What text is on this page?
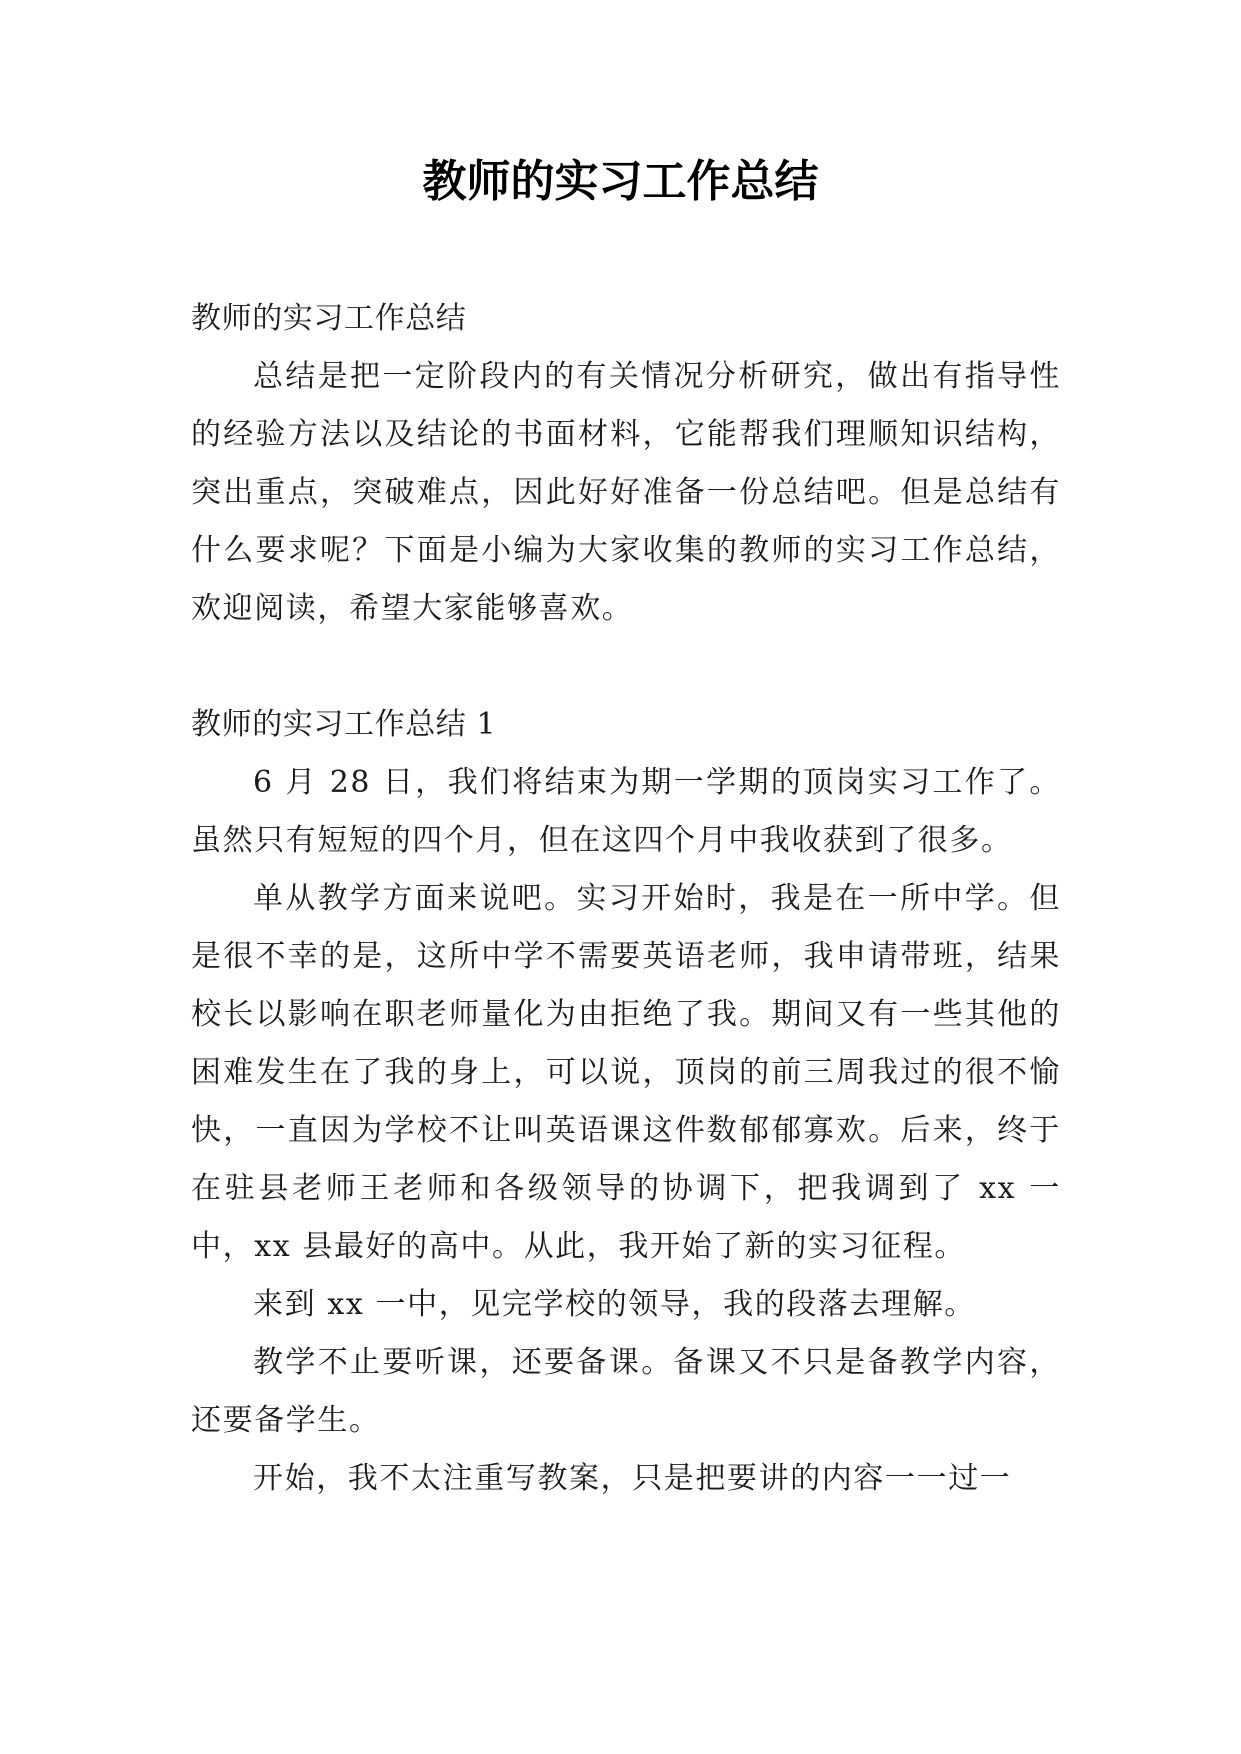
教师的实习工作总结

教师的实习工作总结

总结是把一定阶段内的有关情况分析研究，做出有指导性的经验方法以及结论的书面材料，它能帮我们理顺知识结构，突出重点，突破难点，因此好好准备一份总结吧。但是总结有什么要求呢？下面是小编为大家收集的教师的实习工作总结，欢迎阅读，希望大家能够喜欢。

教师的实习工作总结 1

6 月 28 日，我们将结束为期一学期的顶岗实习工作了。虽然只有短短的四个月，但在这四个月中我收获到了很多。

单从教学方面来说吧。实习开始时，我是在一所中学。但是很不幸的是，这所中学不需要英语老师，我申请带班，结果校长以影响在职老师量化为由拒绝了我。期间又有一些其他的困难发生在了我的身上，可以说，顶岗的前三周我过的很不愉快，一直因为学校不让叫英语课这件数郁郁寡欢。后来，终于在驻县老师王老师和各级领导的协调下，把我调到了 xx 一中，xx 县最好的高中。从此，我开始了新的实习征程。

来到 xx 一中，见完学校的领导，我的段落去理解。

教学不止要听课，还要备课。备课又不只是备教学内容，还要备学生。

开始，我不太注重写教案，只是把要讲的内容一一过一
